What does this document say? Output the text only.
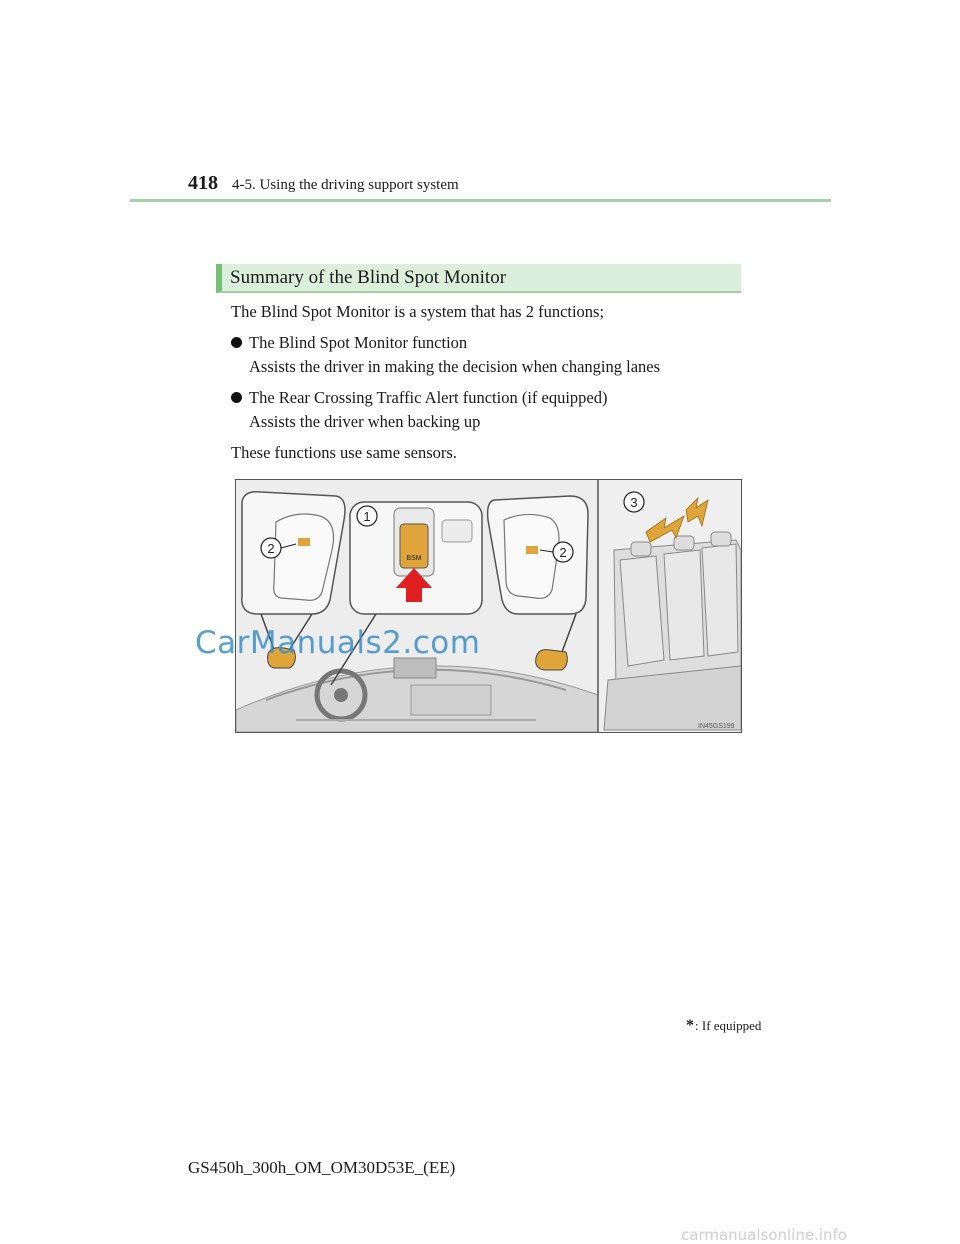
418 4-5. Using the driving support system
Summary of the Blind Spot Monitor
The Blind Spot Monitor is a system that has 2 functions;
The Blind Spot Monitor function
Assists the driver in making the decision when changing lanes
The Rear Crossing Traffic Alert function (if equipped)
Assists the driver when backing up
These functions use same sensors.
BSM
1
2	2
3
IN45GS199
CarManuals2.com
*: If equipped
GS450h_300h_OM_OM30D53E_(EE)
carmanualsonline.info
